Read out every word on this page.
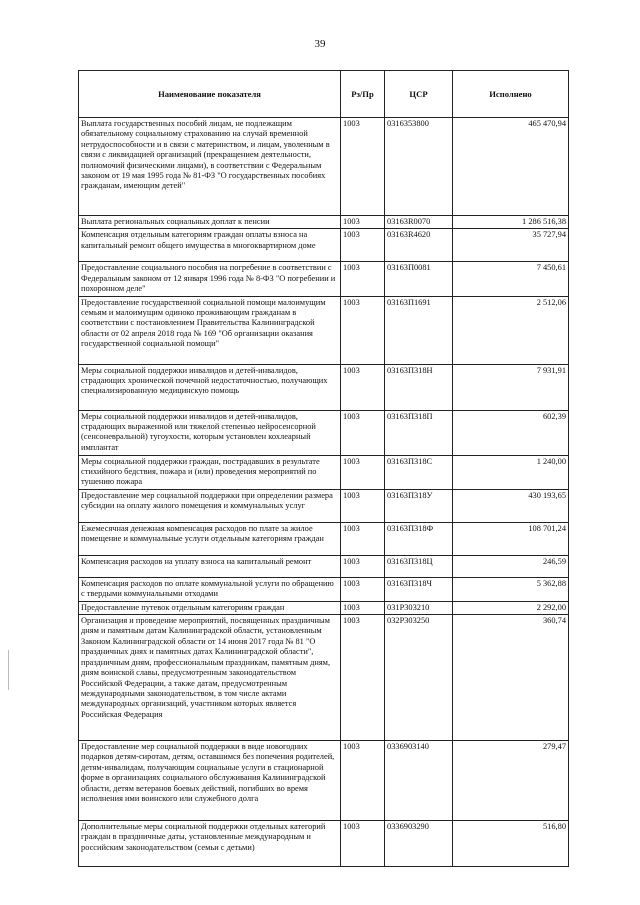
39
Наименование показателя	Рз/Пр	ЦСР	Исполнено
Выплата государственных пособий лицам, не подлежащим обязательному социальному страхованию на случай временной нетрудоспособности и в связи с материнством, и лицам, уволенным в связи с ликвидацией организаций (прекращением деятельности, полномочий физическими лицами), в соответствии с Федеральным законом от 19 мая 1995 года № 81-ФЗ "О государственных пособиях гражданам, имеющим детей"	1003	0316353800	465 470,94
Выплата региональных социальных доплат к пенсии	1003	03163R0070	1 286 516,38
Компенсация отдельным категориям граждан оплаты взноса на капитальный ремонт общего имущества в многоквартирном доме	1003	03163R4620	35 727,94
Предоставление социального пособия на погребение в соответствии с Федеральным законом от 12 января 1996 года № 8-ФЗ "О погребении и похоронном деле"	1003	03163П0081	7 450,61
Предоставление государственной социальной помощи малоимущим семьям и малоимущим одиноко проживающим гражданам в соответствии с постановлением Правительства Калининградской области от 02 апреля 2018 года № 169 "Об организации оказания государственной социальной помощи"	1003	03163П1691	2 512,06
Меры социальной поддержки инвалидов и детей-инвалидов, страдающих хронической почечной недостаточностью, получающих специализированную медицинскую помощь	1003	03163П318Н	7 931,91
Меры социальной поддержки инвалидов и детей-инвалидов, страдающих выраженной или тяжелой степенью нейросенсорной (сенсоневральной) тугоухости, которым установлен кохлеарный имплантат	1003	03163П318П	602,39
Меры социальной поддержки граждан, пострадавших в результате стихийного бедствия, пожара и (или) проведения мероприятий по тушению пожара	1003	03163П318С	1 240,00
Предоставление мер социальной поддержки при определении размера субсидии на оплату жилого помещения и коммунальных услуг	1003	03163П318У	430 193,65
Ежемесячная денежная компенсация расходов по плате за жилое помещение и коммунальные услуги отдельным категориям граждан	1003	03163П318Ф	108 701,24
Компенсация расходов на уплату взноса на капитальный ремонт	1003	03163П318Ц	246,59
Компенсация расходов по оплате коммунальной услуги по обращению с твердыми коммунальными отходами	1003	03163П318Ч	5 362,88
Предоставление путевок отдельным категориям граждан	1003	031Р303210	2 292,00
Организация и проведение мероприятий, посвященных праздничным дням и памятным датам Калининградской области, установленным Законом Калининградской области от 14 июня 2017 года № 81 "О праздничных днях и памятных датах Калининградской области", праздничным дням, профессиональным праздникам, памятным дням, дням воинской славы, предусмотренным законодательством Российской Федерации, а также датам, предусмотренным международными законодательством, в том числе актами международных организаций, участником которых является Российская Федерация	1003	032Р303250	360,74
Предоставление мер социальной поддержки в виде новогодних подарков детям-сиротам, детям, оставшимся без попечения родителей, детям-инвалидам, получающим социальные услуги в стационарной форме в организациях социального обслуживания Калининградской области, детям ветеранов боевых действий, погибших во время исполнения ими воинского или служебного долга	1003	0336903140	279,47
Дополнительные меры социальной поддержки отдельных категорий граждан в праздничные даты, установленные международным и российским законодательством (семьи с детьми)	1003	0336903290	516,80
